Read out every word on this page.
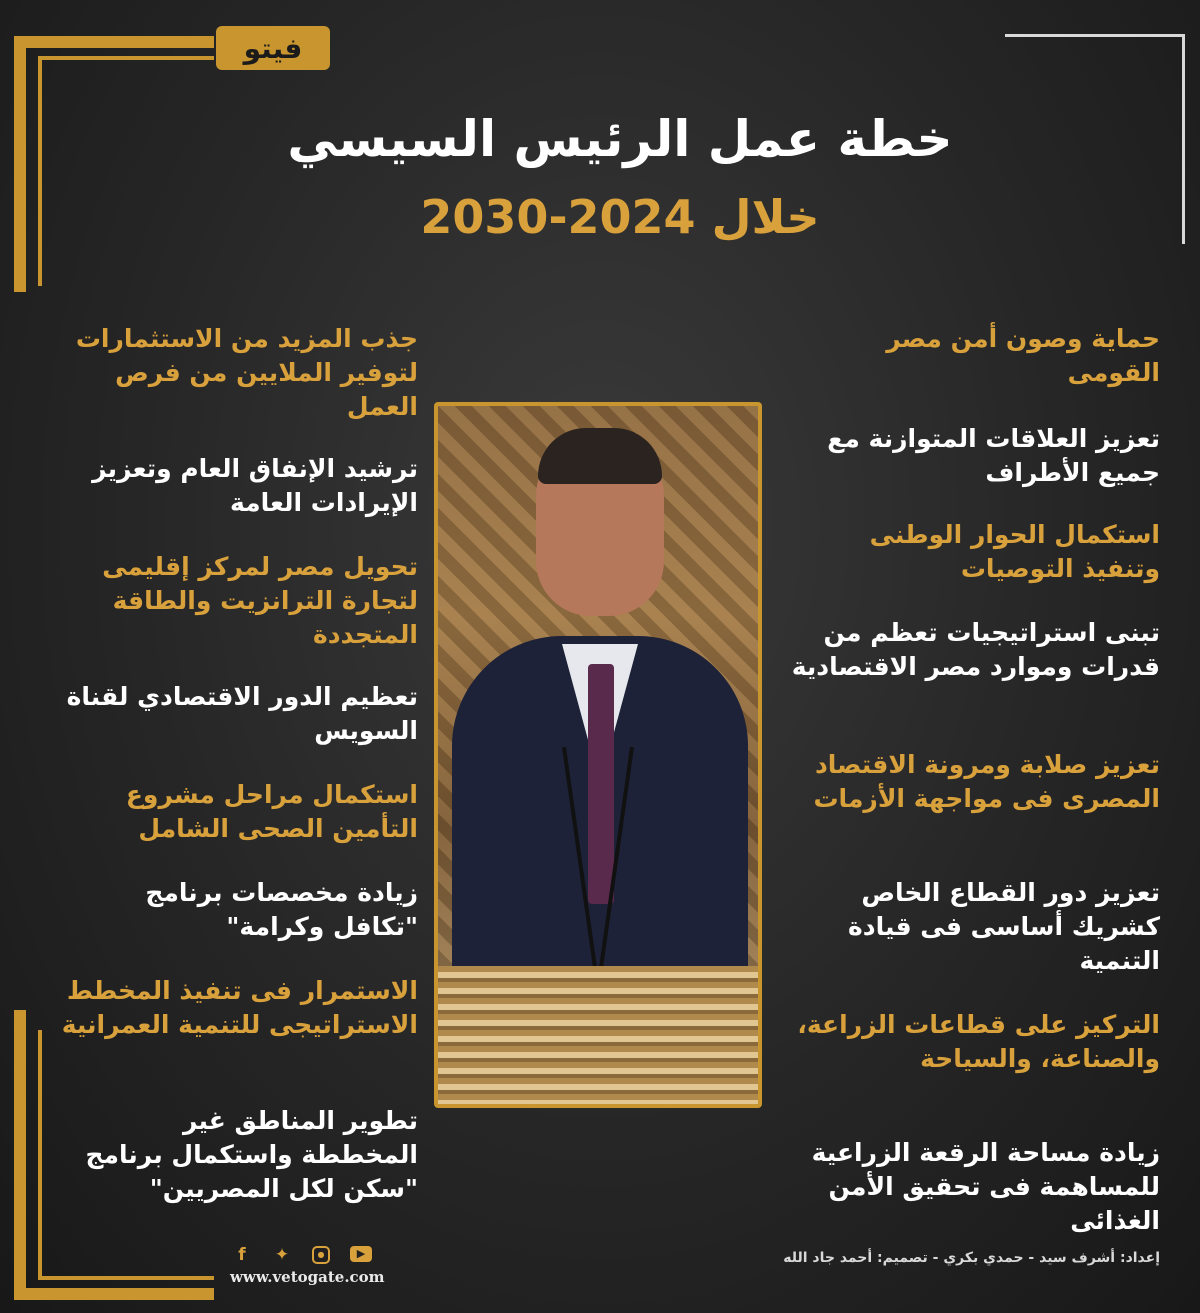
فيتو
خطة عمل الرئيس السيسي
خلال 2024-2030
حماية وصون أمن مصر القومى
تعزيز العلاقات المتوازنة مع جميع الأطراف
استكمال الحوار الوطنى وتنفيذ التوصيات
تبنى استراتيجيات تعظم من قدرات وموارد مصر الاقتصادية
تعزيز صلابة ومرونة الاقتصاد المصرى فى مواجهة الأزمات
تعزيز دور القطاع الخاص كشريك أساسى فى قيادة التنمية
التركيز على قطاعات الزراعة، والصناعة، والسياحة
زيادة مساحة الرقعة الزراعية للمساهمة فى تحقيق الأمن الغذائى
جذب المزيد من الاستثمارات لتوفير الملايين من فرص العمل
ترشيد الإنفاق العام وتعزيز الإيرادات العامة
تحويل مصر لمركز إقليمى لتجارة الترانزيت والطاقة المتجددة
تعظيم الدور الاقتصادي لقناة السويس
استكمال مراحل مشروع التأمين الصحى الشامل
زيادة مخصصات برنامج "تكافل وكرامة"
الاستمرار فى تنفيذ المخطط الاستراتيجى للتنمية العمرانية
تطوير المناطق غير المخططة واستكمال برنامج "سكن لكل المصريين"
f	✦	●	▶
www.vetogate.com
إعداد: أشرف سيد - حمدي بكري - تصميم: أحمد جاد الله
